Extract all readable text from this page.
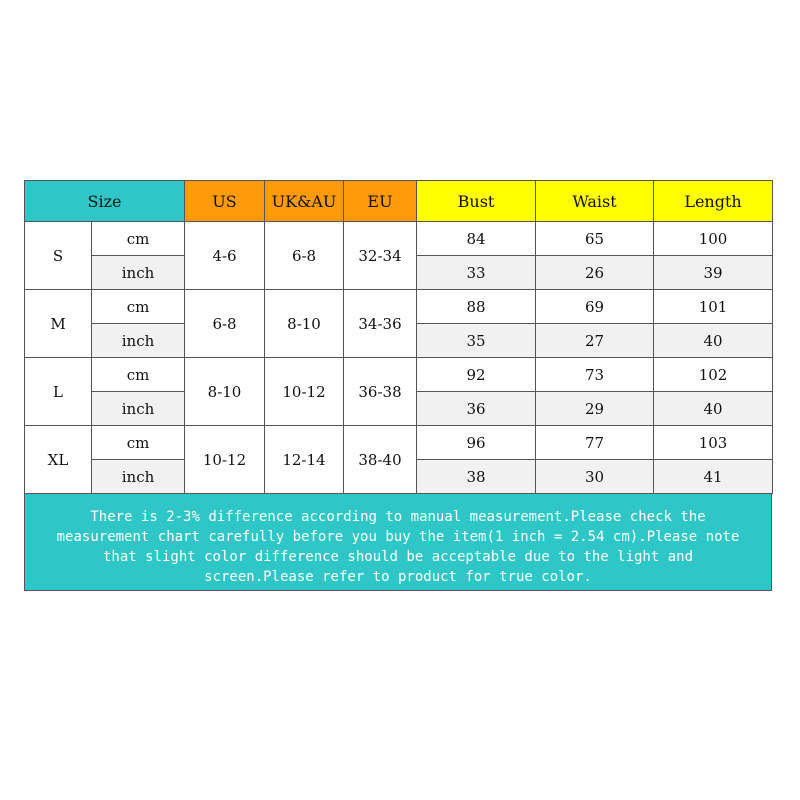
Size		US	UK&AU	EU	Bust	Waist	Length
S	cm	4-6	6-8	32-34	84	65	100
	inch				33	26	39
M	cm	6-8	8-10	34-36	88	69	101
	inch				35	27	40
L	cm	8-10	10-12	36-38	92	73	102
	inch				36	29	40
XL	cm	10-12	12-14	38-40	96	77	103
	inch				38	30	41
There is 2-3% difference according to manual measurement.Please check the
measurement chart carefully before you buy the item(1 inch = 2.54 cm).Please note
that slight color difference should be acceptable due to the light and
screen.Please refer to product for true color.
